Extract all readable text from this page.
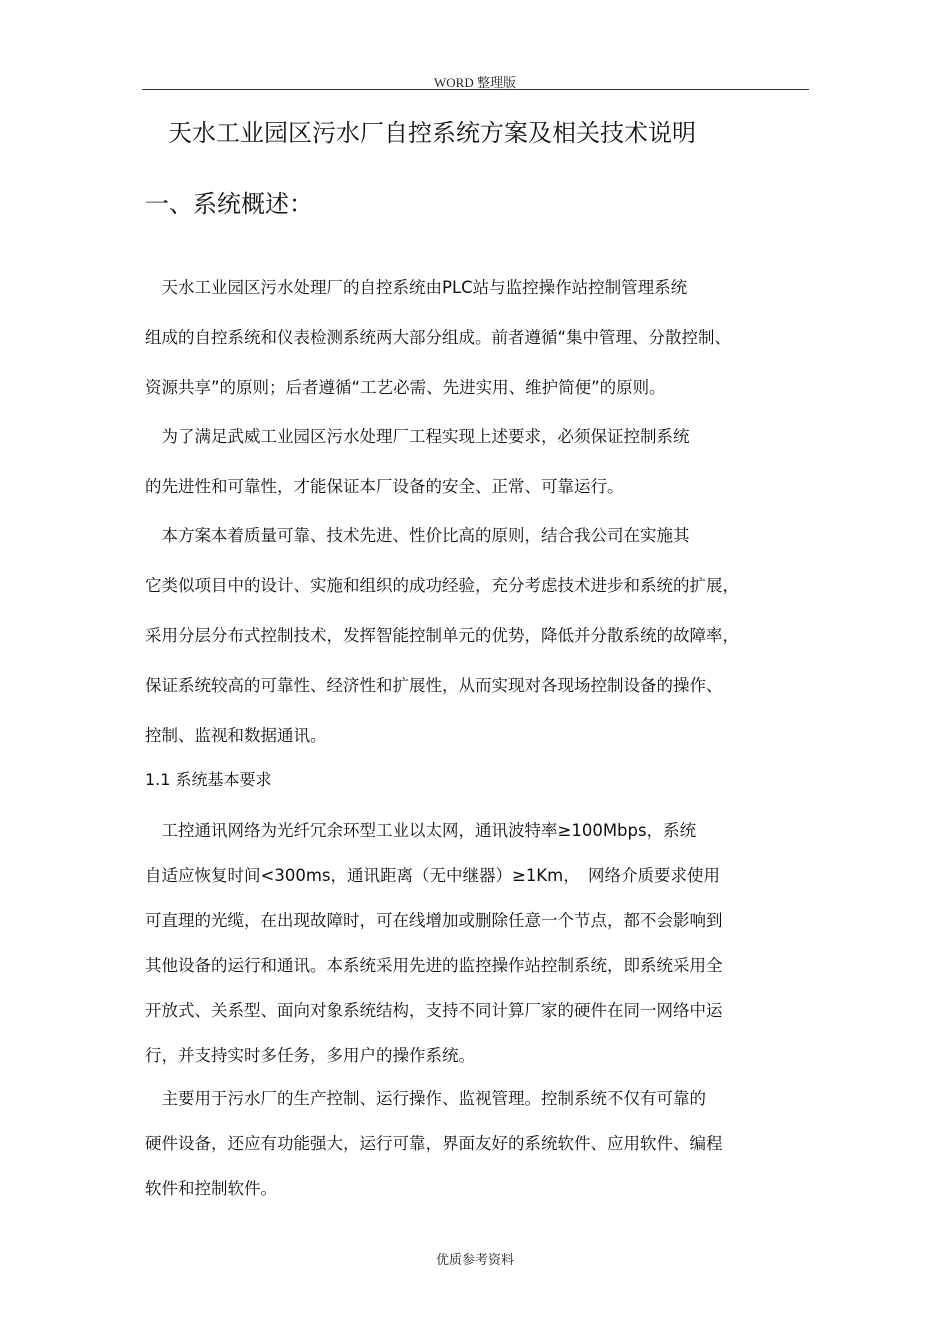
WORD 整理版
天水工业园区污水厂自控系统方案及相关技术说明
一、系统概述：

　天水工业园区污水处理厂的自控系统由PLC站与监控操作站控制管理系统
组成的自控系统和仪表检测系统两大部分组成。前者遵循“集中管理、分散控制、
资源共享”的原则；后者遵循“工艺必需、先进实用、维护简便”的原则。

　为了满足武威工业园区污水处理厂工程实现上述要求，必须保证控制系统
的先进性和可靠性，才能保证本厂设备的安全、正常、可靠运行。

　本方案本着质量可靠、技术先进、性价比高的原则，结合我公司在实施其
它类似项目中的设计、实施和组织的成功经验，充分考虑技术进步和系统的扩展，
采用分层分布式控制技术，发挥智能控制单元的优势，降低并分散系统的故障率，
保证系统较高的可靠性、经济性和扩展性，从而实现对各现场控制设备的操作、
控制、监视和数据通讯。

1.1 系统基本要求

　工控通讯网络为光纤冗余环型工业以太网，通讯波特率≥100Mbps，系统
自适应恢复时间<300ms，通讯距离（无中继器）≥1Km，　网络介质要求使用
可直理的光缆，在出现故障时，可在线增加或删除任意一个节点，都不会影响到
其他设备的运行和通讯。本系统采用先进的监控操作站控制系统，即系统采用全
开放式、关系型、面向对象系统结构，支持不同计算厂家的硬件在同一网络中运
行，并支持实时多任务，多用户的操作系统。

　主要用于污水厂的生产控制、运行操作、监视管理。控制系统不仅有可靠的
硬件设备，还应有功能强大，运行可靠，界面友好的系统软件、应用软件、编程
软件和控制软件。

优质参考资料
